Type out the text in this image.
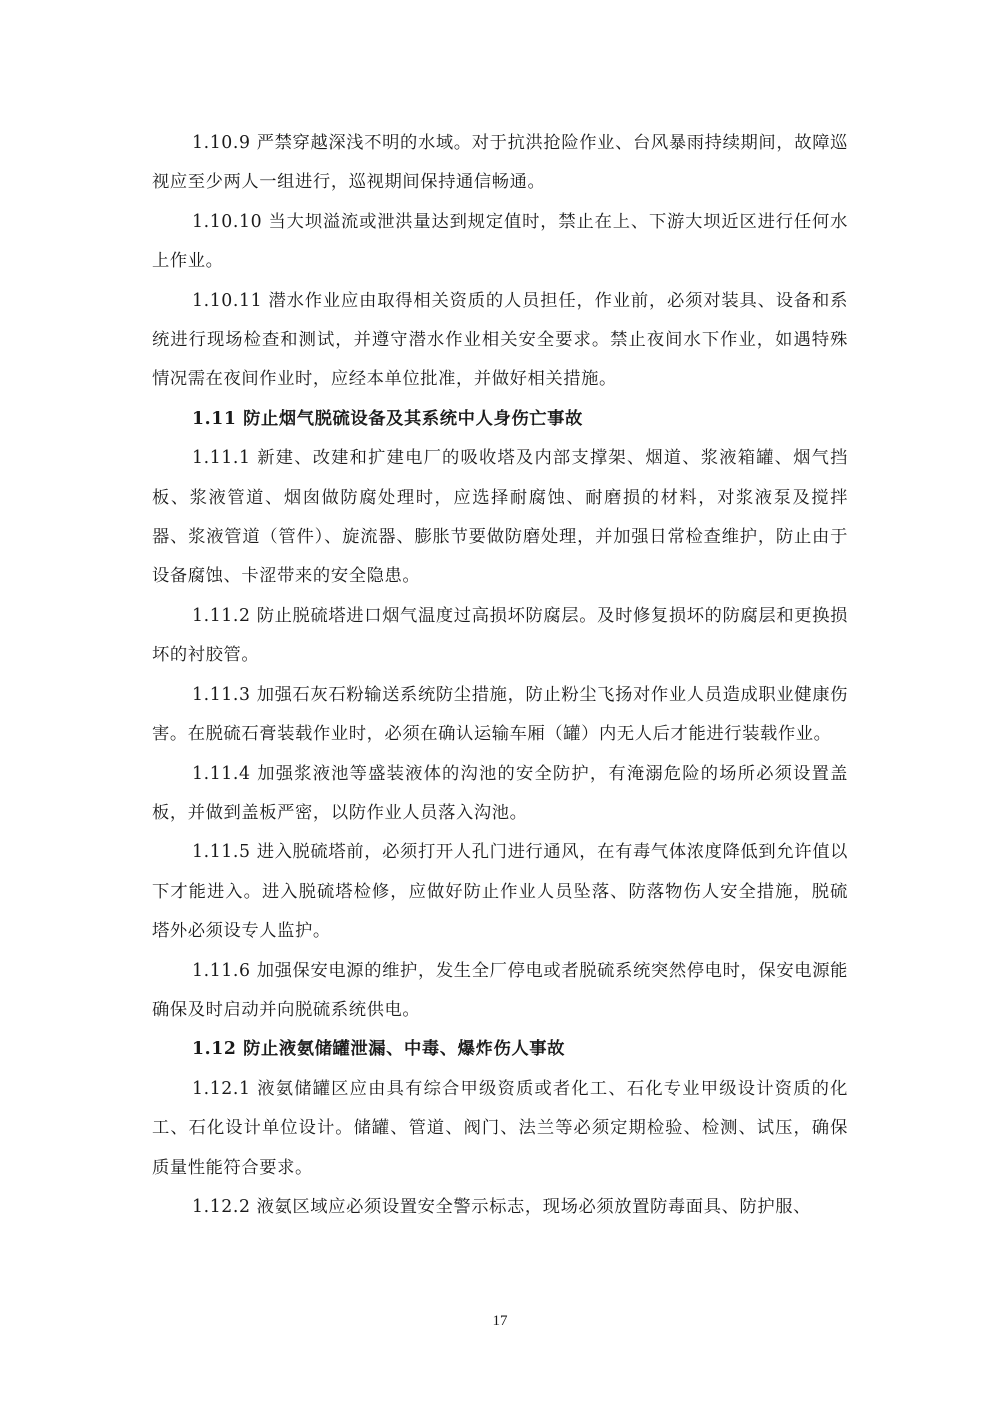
1.10.9 严禁穿越深浅不明的水域。对于抗洪抢险作业、台风暴雨持续期间，故障巡视应至少两人一组进行，巡视期间保持通信畅通。

1.10.10 当大坝溢流或泄洪量达到规定值时，禁止在上、下游大坝近区进行任何水上作业。

1.10.11 潜水作业应由取得相关资质的人员担任，作业前，必须对装具、设备和系统进行现场检查和测试，并遵守潜水作业相关安全要求。禁止夜间水下作业，如遇特殊情况需在夜间作业时，应经本单位批准，并做好相关措施。

1.11 防止烟气脱硫设备及其系统中人身伤亡事故

1.11.1 新建、改建和扩建电厂的吸收塔及内部支撑架、烟道、浆液箱罐、烟气挡板、浆液管道、烟囱做防腐处理时，应选择耐腐蚀、耐磨损的材料，对浆液泵及搅拌器、浆液管道（管件）、旋流器、膨胀节要做防磨处理，并加强日常检查维护，防止由于设备腐蚀、卡涩带来的安全隐患。

1.11.2 防止脱硫塔进口烟气温度过高损坏防腐层。及时修复损坏的防腐层和更换损坏的衬胶管。

1.11.3 加强石灰石粉输送系统防尘措施，防止粉尘飞扬对作业人员造成职业健康伤害。在脱硫石膏装载作业时，必须在确认运输车厢（罐）内无人后才能进行装载作业。

1.11.4 加强浆液池等盛装液体的沟池的安全防护，有淹溺危险的场所必须设置盖板，并做到盖板严密，以防作业人员落入沟池。

1.11.5 进入脱硫塔前，必须打开人孔门进行通风，在有毒气体浓度降低到允许值以下才能进入。进入脱硫塔检修，应做好防止作业人员坠落、防落物伤人安全措施，脱硫塔外必须设专人监护。

1.11.6 加强保安电源的维护，发生全厂停电或者脱硫系统突然停电时，保安电源能确保及时启动并向脱硫系统供电。

1.12 防止液氨储罐泄漏、中毒、爆炸伤人事故

1.12.1 液氨储罐区应由具有综合甲级资质或者化工、石化专业甲级设计资质的化工、石化设计单位设计。储罐、管道、阀门、法兰等必须定期检验、检测、试压，确保质量性能符合要求。

1.12.2 液氨区域应必须设置安全警示标志，现场必须放置防毒面具、防护服、

17
